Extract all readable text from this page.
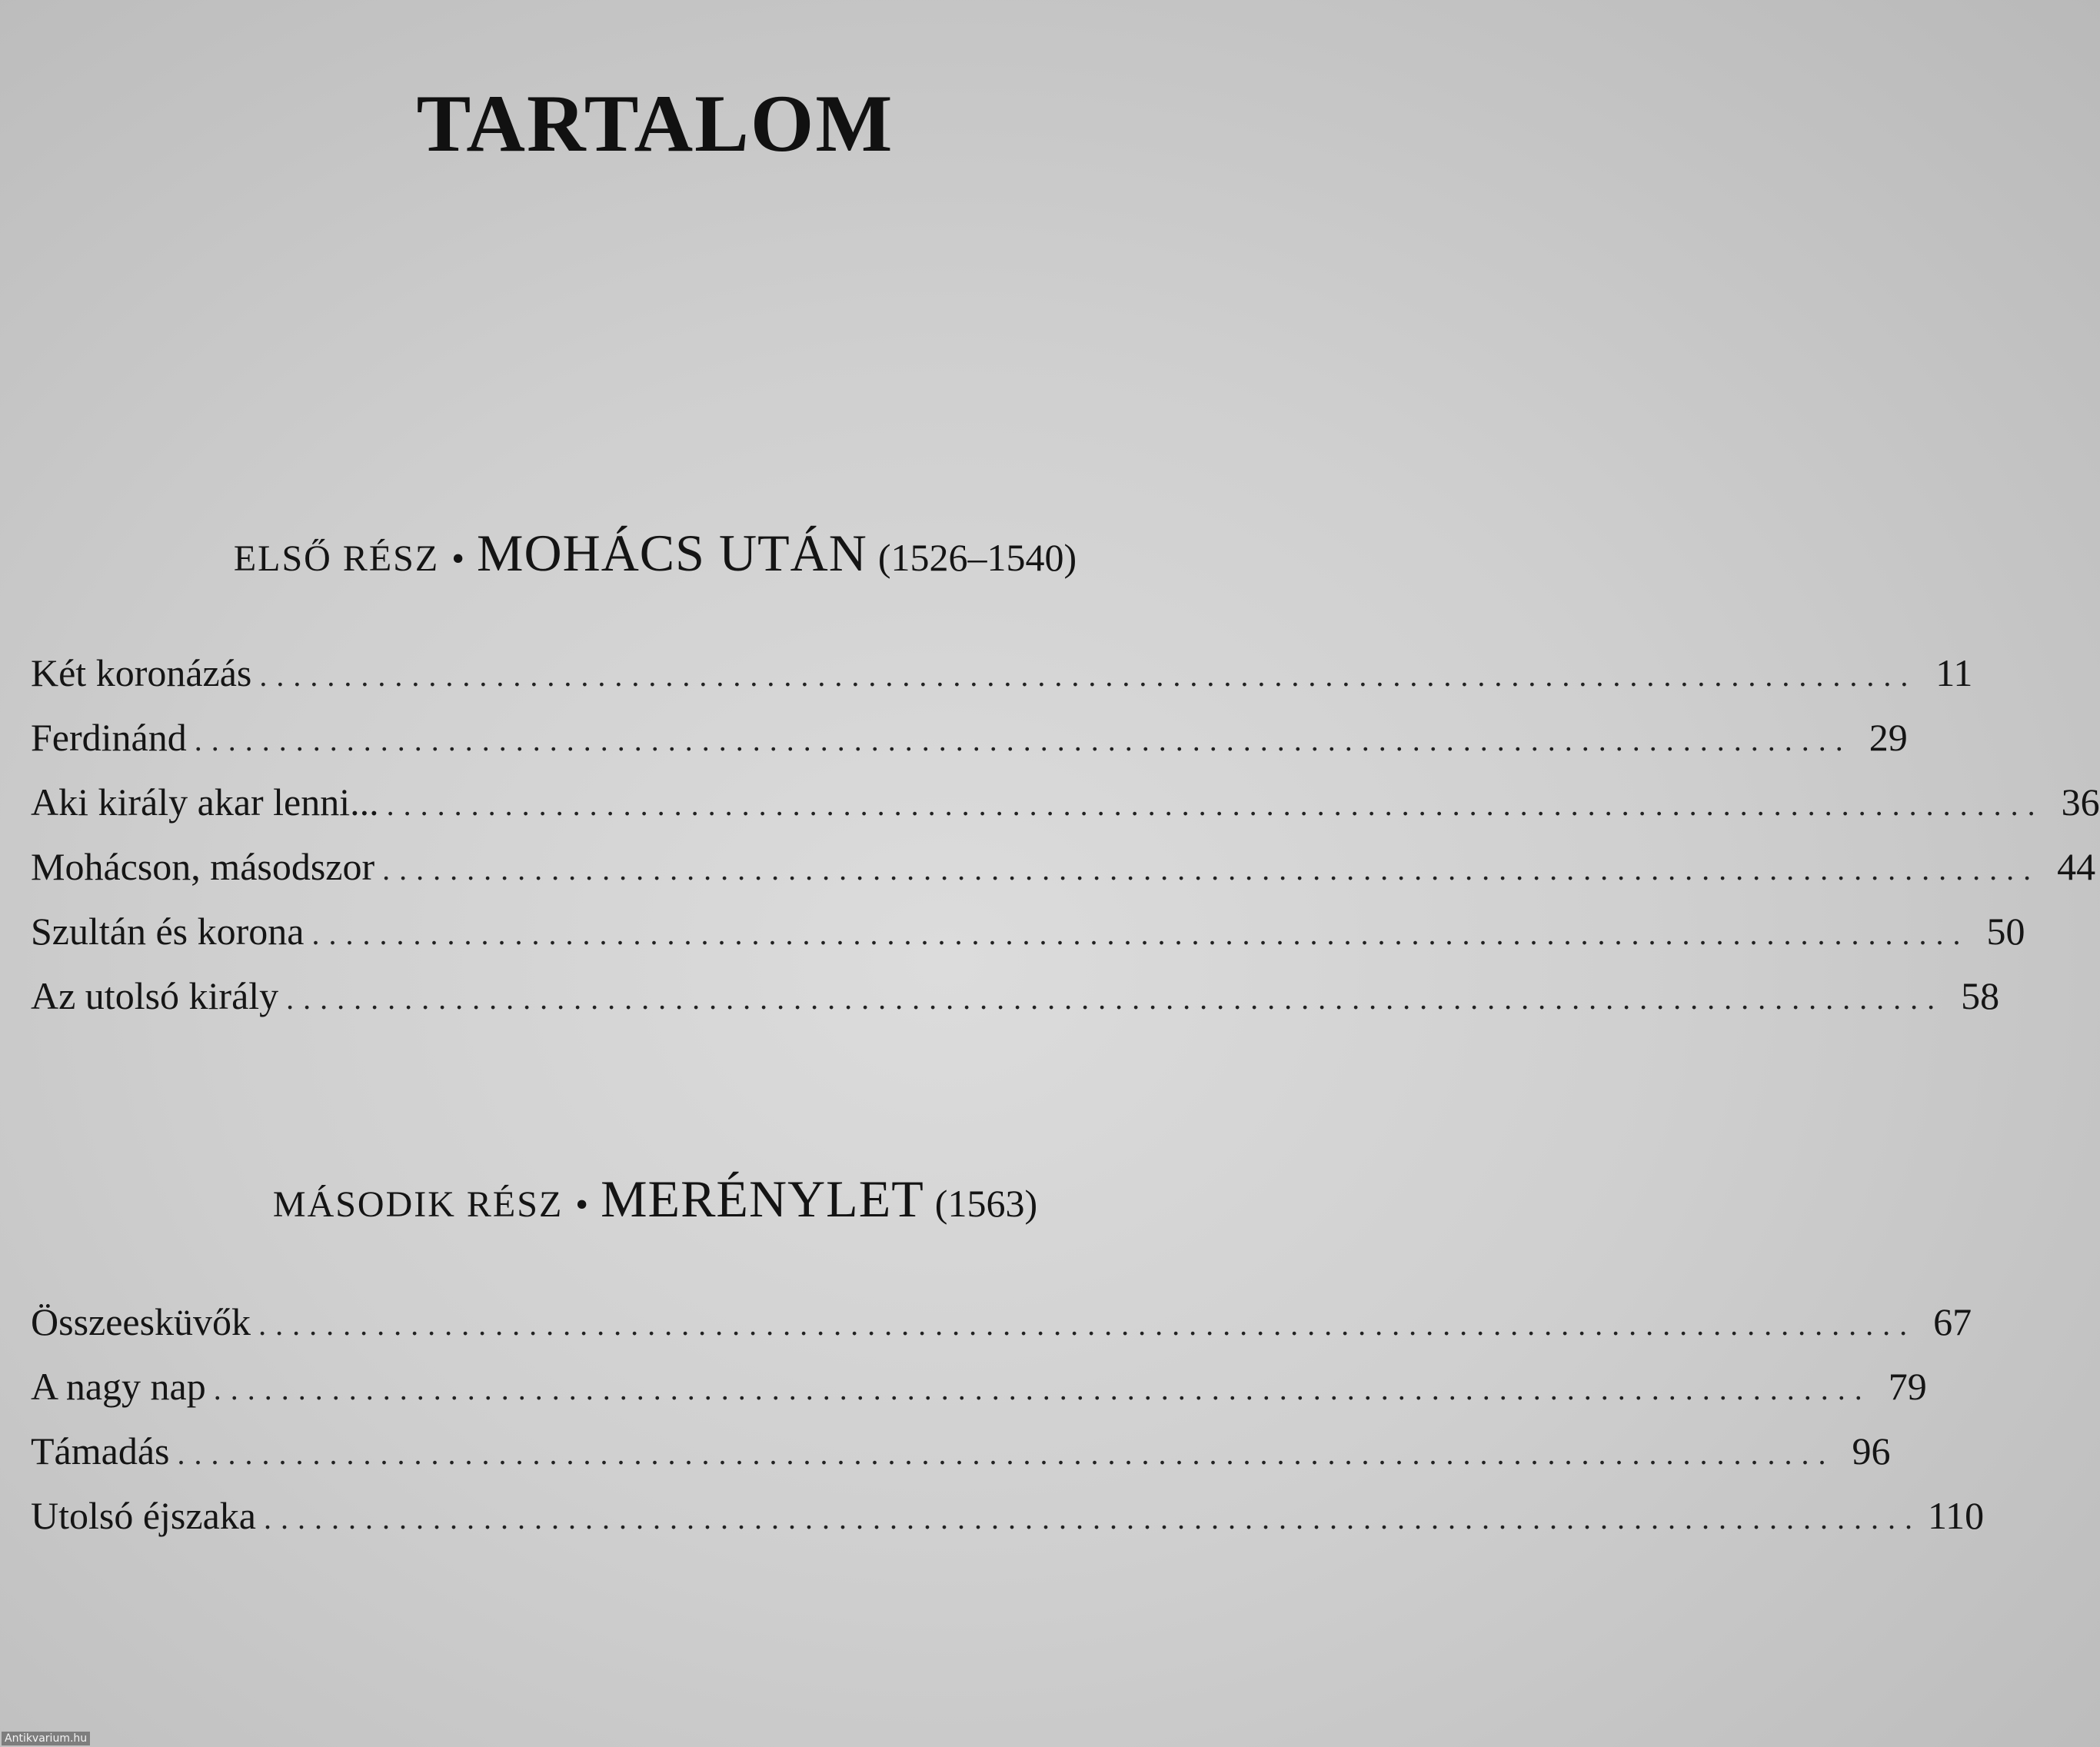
TARTALOM
ELSŐ RÉSZ • MOHÁCS UTÁN (1526–1540)
Két koronázás .................................................................................................. 11
Ferdinánd .................................................................................................. 29
Aki király akar lenni... .................................................................................................. 36
Mohácson, másodszor .................................................................................................. 44
Szultán és korona .................................................................................................. 50
Az utolsó király .................................................................................................. 58
MÁSODIK RÉSZ • MERÉNYLET (1563)
Összeesküvők .................................................................................................. 67
A nagy nap .................................................................................................. 79
Támadás .................................................................................................. 96
Utolsó éjszaka .................................................................................................. 110
Antikvarium.hu
